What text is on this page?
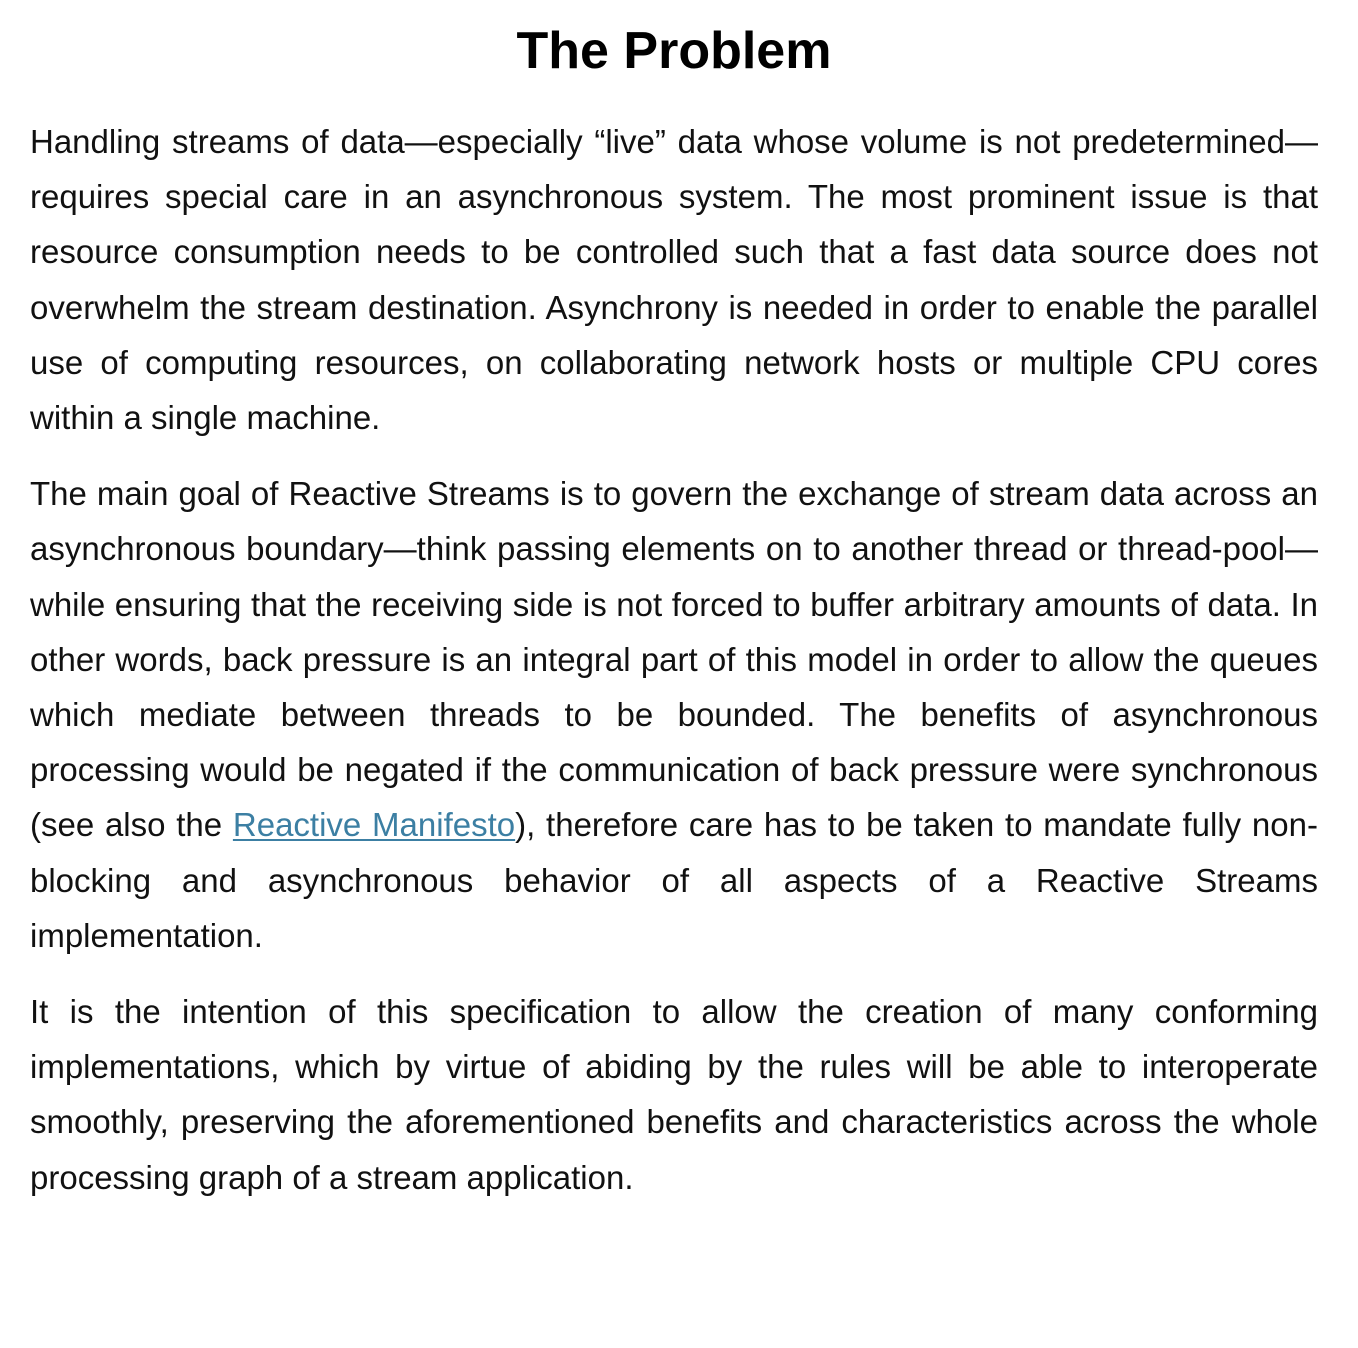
The Problem

Handling streams of data—especially “live” data whose volume is not predetermined—requires special care in an asynchronous system. The most prominent issue is that resource consumption needs to be controlled such that a fast data source does not overwhelm the stream destination. Asynchrony is needed in order to enable the parallel use of computing resources, on collaborating network hosts or multiple CPU cores within a single machine.

The main goal of Reactive Streams is to govern the exchange of stream data across an asynchronous boundary—think passing elements on to another thread or thread-pool—while ensuring that the receiving side is not forced to buffer arbitrary amounts of data. In other words, back pressure is an integral part of this model in order to allow the queues which mediate between threads to be bounded. The benefits of asynchronous processing would be negated if the communication of back pressure were synchronous (see also the Reactive Manifesto), therefore care has to be taken to mandate fully non-blocking and asynchronous behavior of all aspects of a Reactive Streams implementation.

It is the intention of this specification to allow the creation of many conforming implementations, which by virtue of abiding by the rules will be able to interoperate smoothly, preserving the aforementioned benefits and characteristics across the whole processing graph of a stream application.
